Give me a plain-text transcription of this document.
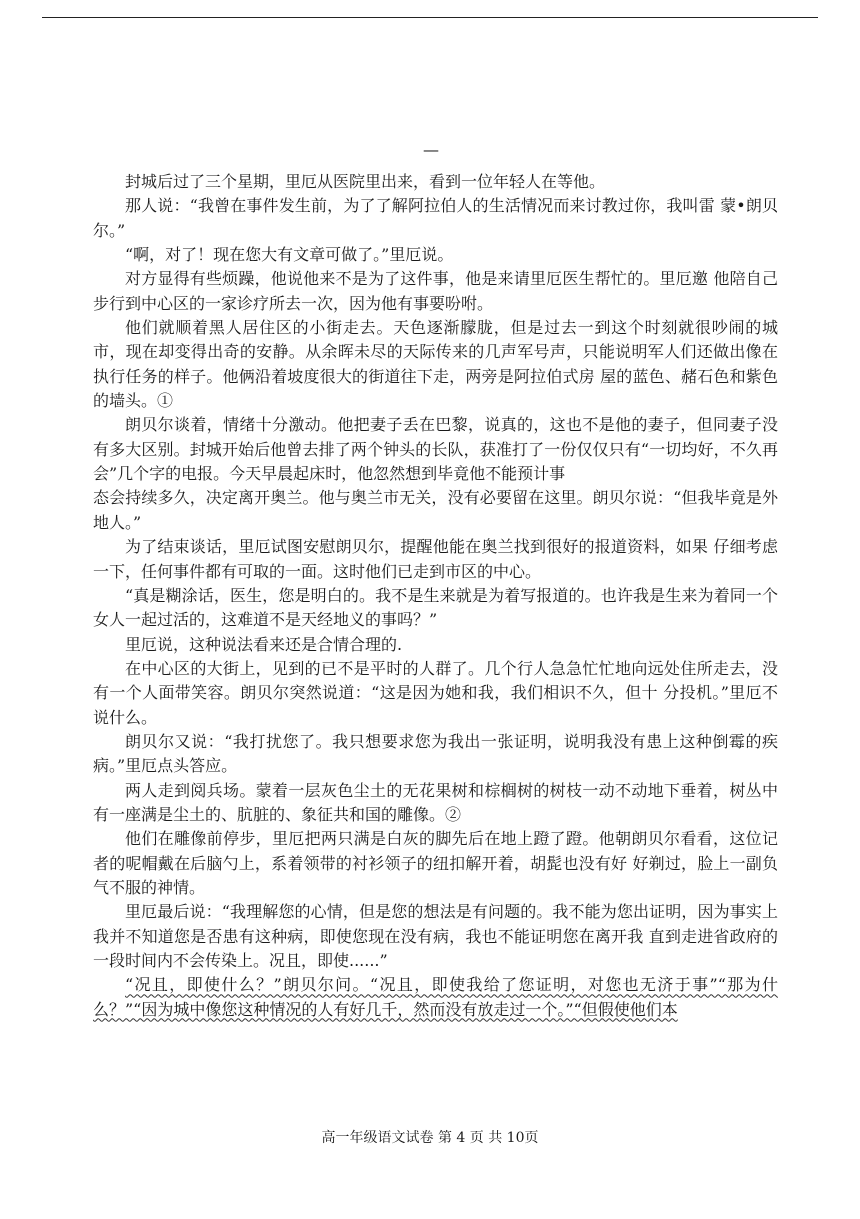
—

封城后过了三个星期，里厄从医院里出来，看到一位年轻人在等他。

那人说：“我曾在事件发生前，为了了解阿拉伯人的生活情况而来讨教过你，我叫雷 蒙•朗贝尔。”

“啊，对了！现在您大有文章可做了。”里厄说。

对方显得有些烦躁，他说他来不是为了这件事，他是来请里厄医生帮忙的。里厄邀 他陪自己步行到中心区的一家诊疗所去一次，因为他有事要吩咐。

他们就顺着黑人居住区的小街走去。天色逐渐朦胧，但是过去一到这个时刻就很吵闹的城市，现在却变得出奇的安静。从余晖未尽的天际传来的几声军号声，只能说明军人们还做出像在执行任务的样子。他俩沿着坡度很大的街道往下走，两旁是阿拉伯式房 屋的蓝色、赭石色和紫色的墙头。①

朗贝尔谈着，情绪十分激动。他把妻子丢在巴黎，说真的，这也不是他的妻子，但同妻子没有多大区别。封城开始后他曾去排了两个钟头的长队，获准打了一份仅仅只有“一切均好，不久再会”几个字的电报。今天早晨起床时，他忽然想到毕竟他不能预计事

态会持续多久，决定离开奥兰。他与奥兰市无关，没有必要留在这里。朗贝尔说：“但我毕竟是外地人。”

为了结束谈话，里厄试图安慰朗贝尔，提醒他能在奥兰找到很好的报道资料，如果 仔细考虑一下，任何事件都有可取的一面。这时他们已走到市区的中心。

“真是糊涂话，医生，您是明白的。我不是生来就是为着写报道的。也许我是生来为着同一个女人一起过活的，这难道不是天经地义的事吗？”

里厄说，这种说法看来还是合情合理的.

在中心区的大街上，见到的已不是平时的人群了。几个行人急急忙忙地向远处住所走去，没有一个人面带笑容。朗贝尔突然说道：“这是因为她和我，我们相识不久，但十 分投机。”里厄不说什么。

朗贝尔又说：“我打扰您了。我只想要求您为我出一张证明，说明我没有患上这种倒霉的疾病。”里厄点头答应。

两人走到阅兵场。蒙着一层灰色尘土的无花果树和棕榈树的树枝一动不动地下垂着，树丛中有一座满是尘土的、肮脏的、象征共和国的雕像。②

他们在雕像前停步，里厄把两只满是白灰的脚先后在地上蹬了蹬。他朝朗贝尔看看，这位记者的呢帽戴在后脑勺上，系着领带的衬衫领子的纽扣解开着，胡髭也没有好 好剃过，脸上一副负气不服的神情。

里厄最后说：“我理解您的心情，但是您的想法是有问题的。我不能为您出证明，因为事实上我并不知道您是否患有这种病，即使您现在没有病，我也不能证明您在离开我 直到走进省政府的一段时间内不会传染上。况且，即使......”

“况且，即使什么？”朗贝尔问。“况且，即使我给了您证明，对您也无济于事”“那为什么？”“因为城中像您这种情况的人有好几千，然而没有放走过一个。”“但假使他们本

高一年级语文试卷 第 4 页 共 10页
